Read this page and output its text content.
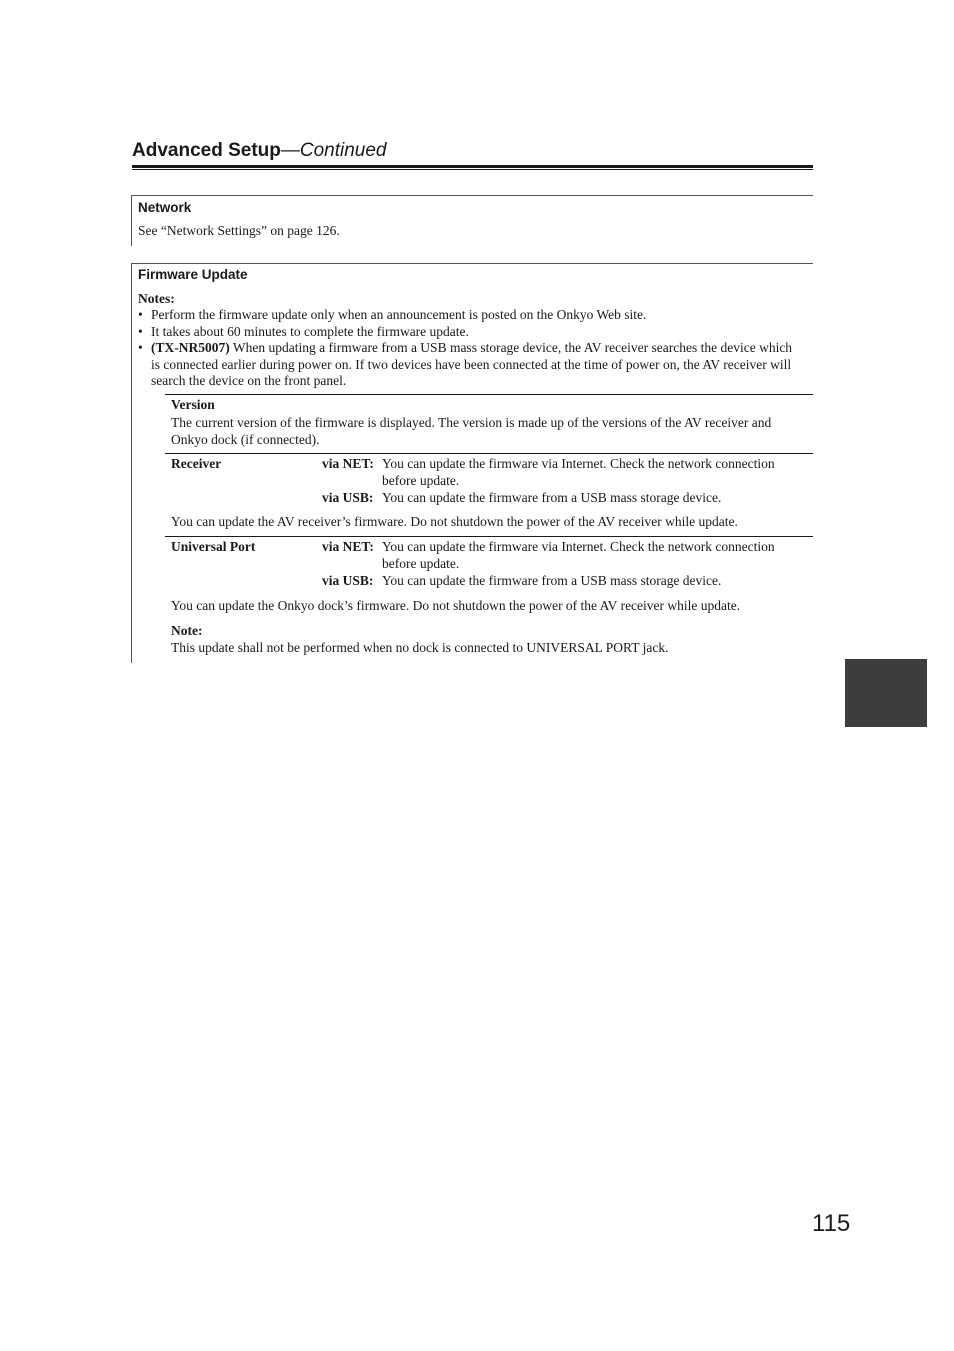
Advanced Setup—Continued
Network
See “Network Settings” on page 126.
Firmware Update
Notes:
• Perform the firmware update only when an announcement is posted on the Onkyo Web site.
• It takes about 60 minutes to complete the firmware update.
• (TX-NR5007) When updating a firmware from a USB mass storage device, the AV receiver searches the device which is connected earlier during power on. If two devices have been connected at the time of power on, the AV receiver will search the device on the front panel.
Version
The current version of the firmware is displayed. The version is made up of the versions of the AV receiver and Onkyo dock (if connected).
Receiver	via NET: You can update the firmware via Internet. Check the network connection before update.
via USB: You can update the firmware from a USB mass storage device.
You can update the AV receiver’s firmware. Do not shutdown the power of the AV receiver while update.
Universal Port	via NET: You can update the firmware via Internet. Check the network connection before update.
via USB: You can update the firmware from a USB mass storage device.
You can update the Onkyo dock’s firmware. Do not shutdown the power of the AV receiver while update.
Note:
This update shall not be performed when no dock is connected to UNIVERSAL PORT jack.
115
